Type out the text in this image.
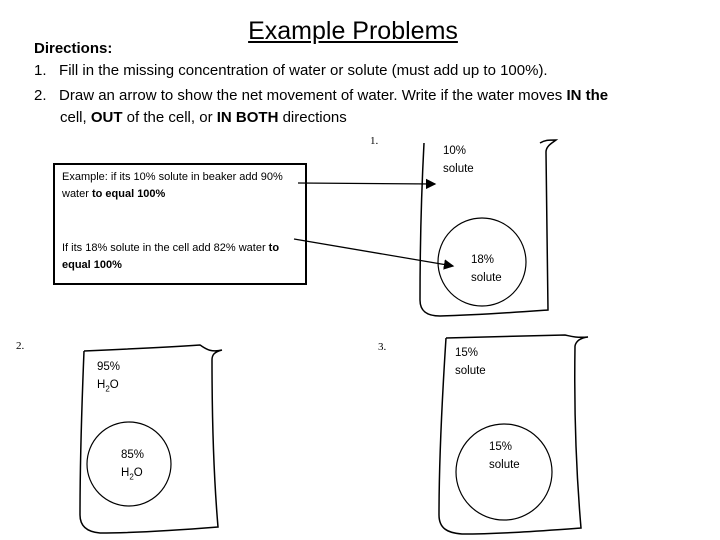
Example Problems
Directions:
1. Fill in the missing concentration of water or solute (must add up to 100%).
2. Draw an arrow to show the net movement of water. Write if the water moves IN the
cell, OUT of the cell, or IN BOTH directions
Example: if its 10% solute in beaker add 90%
water to equal 100%
If its 18% solute in the cell add 82% water to
equal 100%
1.
10%
solute
18%
solute
2.
95%
$H_2O$
85%
$H_2O$
3.	15%
solute
15%
solute
